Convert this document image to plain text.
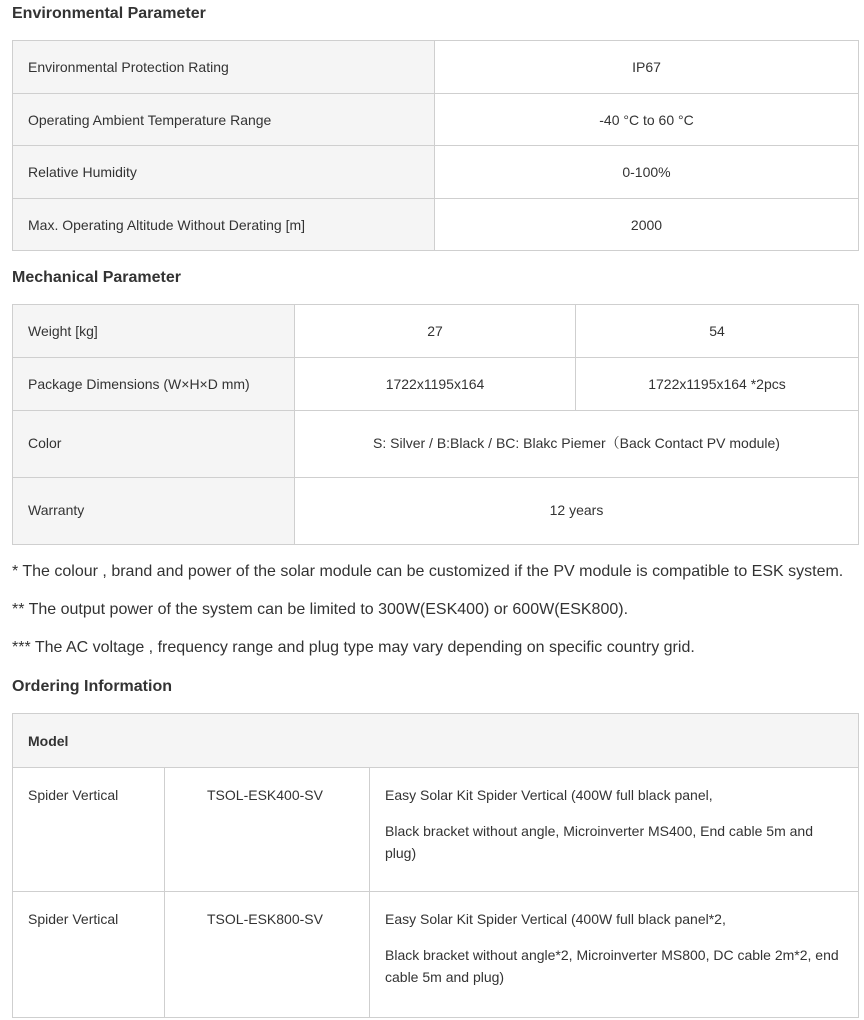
Environmental Parameter
Environmental Protection Rating	IP67
Operating Ambient Temperature Range	-40 °C to 60 °C
Relative Humidity	0-100%
Max. Operating Altitude Without Derating [m]	2000
Mechanical Parameter
Weight [kg]	27	54
Package Dimensions (W×H×D mm)	1722x1195x164	1722x1195x164 *2pcs
Color	S: Silver / B:Black / BC: Blakc Piemer（Back Contact PV module)	
Warranty	12 years	
* The colour , brand and power of the solar module can be customized if the PV module is compatible to ESK system.
** The output power of the system can be limited to 300W(ESK400) or 600W(ESK800).
*** The AC voltage , frequency range and plug type may vary depending on specific country grid.
Ordering Information
Model		
Spider Vertical	TSOL-ESK400-SV	Easy Solar Kit Spider Vertical (400W full black panel,

Black bracket without angle, Microinverter MS400, End cable 5m and plug)

Spider Vertical	TSOL-ESK800-SV	Easy Solar Kit Spider Vertical (400W full black panel*2,

Black bracket without angle*2, Microinverter MS800, DC cable 2m*2, end cable 5m and plug)
